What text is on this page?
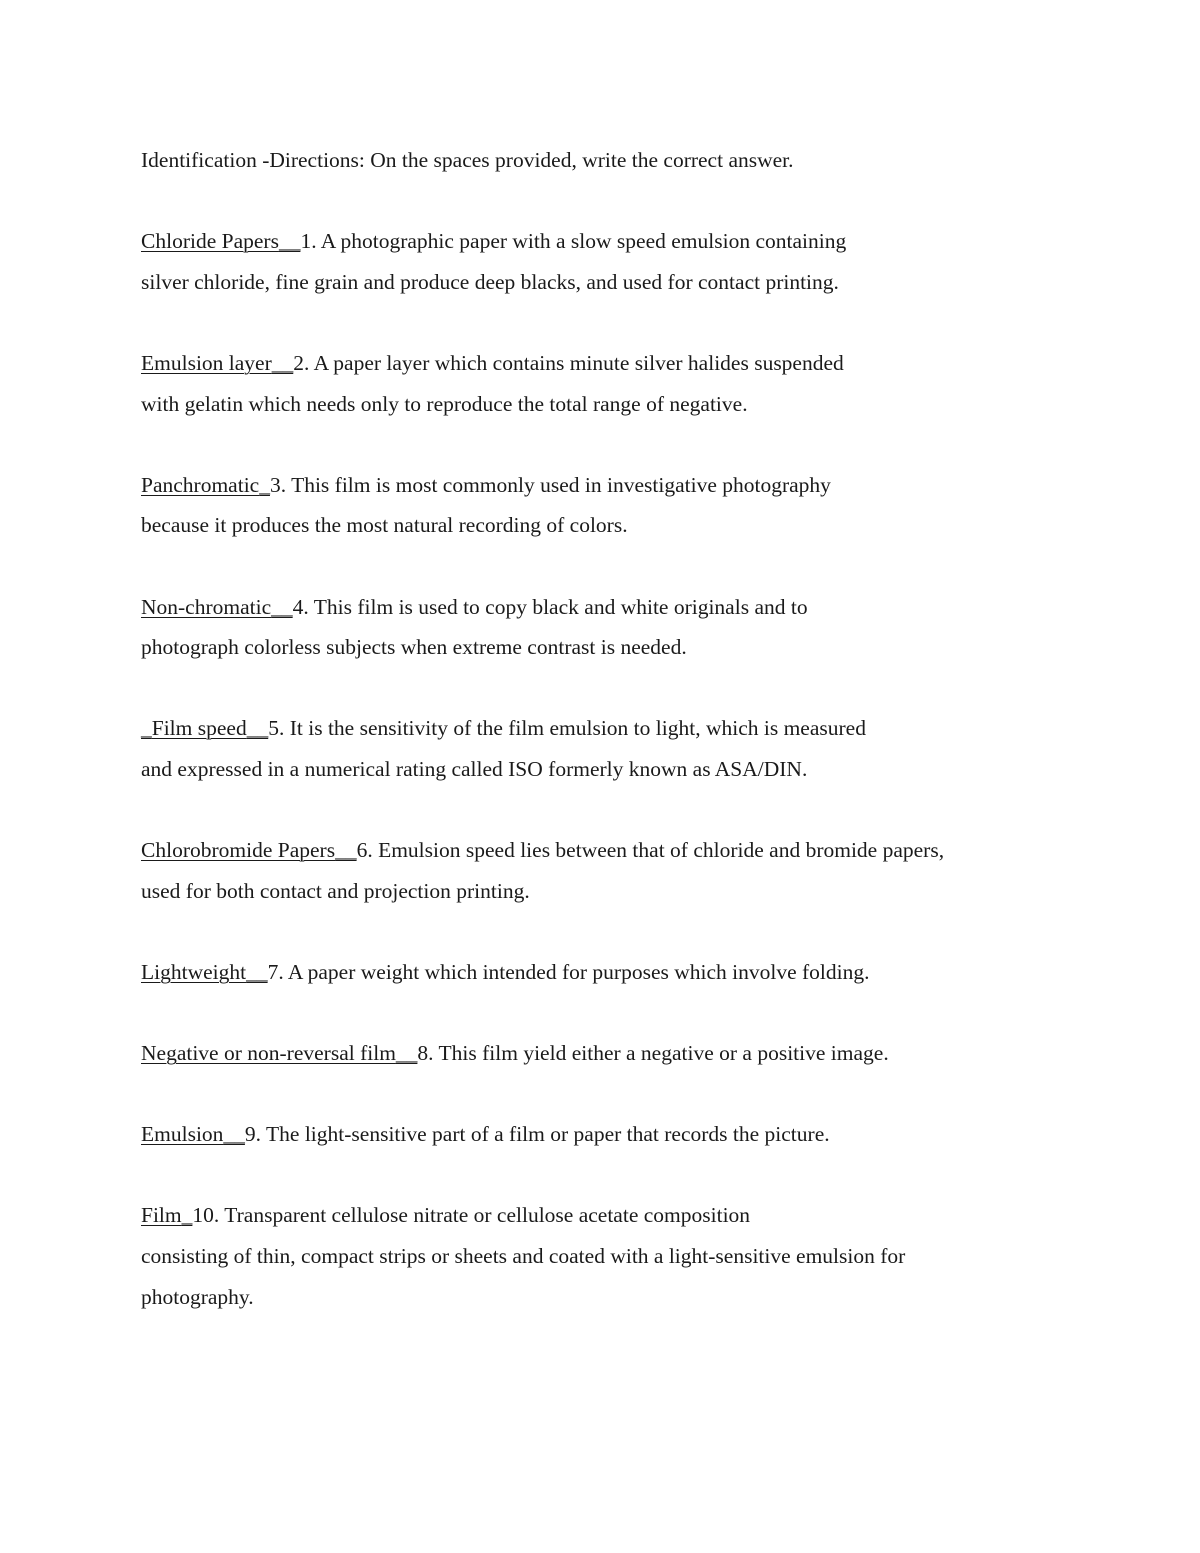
Identification -Directions: On the spaces provided, write the correct answer.

Chloride Papers__1. A photographic paper with a slow speed emulsion containing
silver chloride, fine grain and produce deep blacks, and used for contact printing.
Emulsion layer__2. A paper layer which contains minute silver halides suspended
with gelatin which needs only to reproduce the total range of negative.
Panchromatic_3. This film is most commonly used in investigative photography
because it produces the most natural recording of colors.
Non-chromatic__4. This film is used to copy black and white originals and to
photograph colorless subjects when extreme contrast is needed.
_Film speed__5. It is the sensitivity of the film emulsion to light, which is measured
and expressed in a numerical rating called ISO formerly known as ASA/DIN.
Chlorobromide Papers__6. Emulsion speed lies between that of chloride and bromide papers,
used for both contact and projection printing.
Lightweight__7. A paper weight which intended for purposes which involve folding.
Negative or non-reversal film__8. This film yield either a negative or a positive image.
Emulsion__9. The light-sensitive part of a film or paper that records the picture.
Film_10. Transparent cellulose nitrate or cellulose acetate composition
consisting of thin, compact strips or sheets and coated with a light-sensitive emulsion for
photography.
